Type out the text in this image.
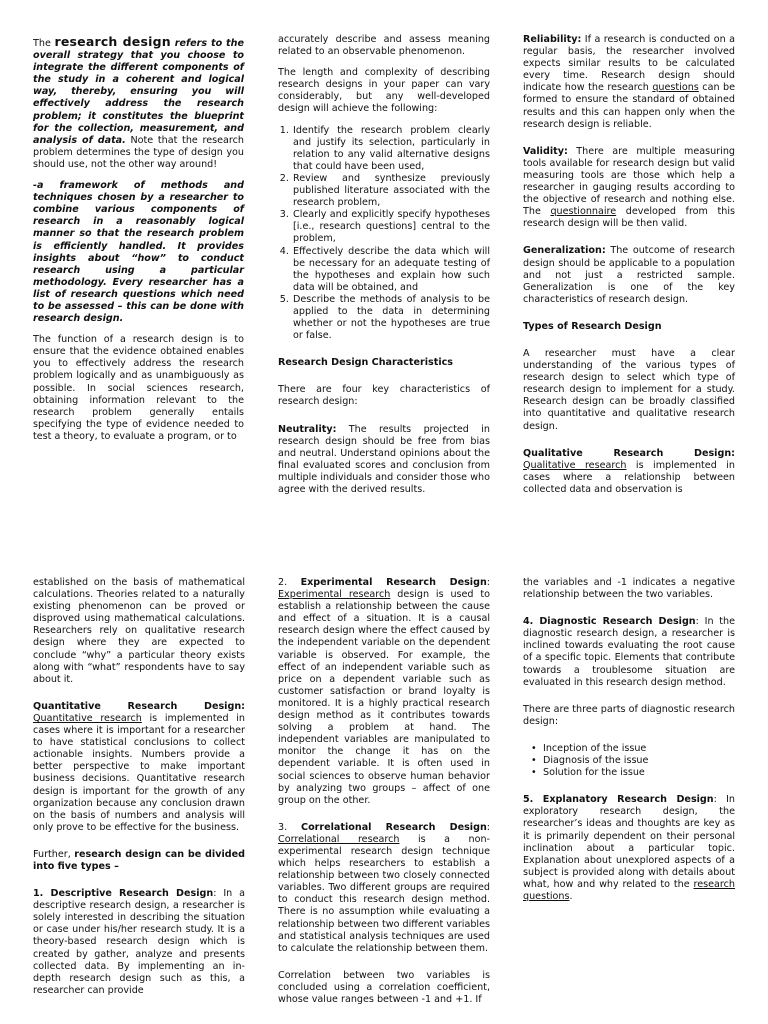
The research design refers to the overall strategy that you choose to integrate the different components of the study in a coherent and logical way, thereby, ensuring you will effectively address the research problem; it constitutes the blueprint for the collection, measurement, and analysis of data. Note that the research problem determines the type of design you should use, not the other way around!

-a framework of methods and techniques chosen by a researcher to combine various components of research in a reasonably logical manner so that the research problem is efficiently handled. It provides insights about “how” to conduct research using a particular methodology. Every researcher has a list of research questions which need to be assessed – this can be done with research design.

The function of a research design is to ensure that the evidence obtained enables you to effectively address the research problem logically and as unambiguously as possible. In social sciences research, obtaining information relevant to the research problem generally entails specifying the type of evidence needed to test a theory, to evaluate a program, or to

accurately describe and assess meaning related to an observable phenomenon.

The length and complexity of describing research designs in your paper can vary considerably, but any well-developed design will achieve the following:

1. Identify the research problem clearly and justify its selection, particularly in relation to any valid alternative designs that could have been used,
2. Review and synthesize previously published literature associated with the research problem,
3. Clearly and explicitly specify hypotheses [i.e., research questions] central to the problem,
4. Effectively describe the data which will be necessary for an adequate testing of the hypotheses and explain how such data will be obtained, and
5. Describe the methods of analysis to be applied to the data in determining whether or not the hypotheses are true or false.

Research Design Characteristics

There are four key characteristics of research design:

Neutrality: The results projected in research design should be free from bias and neutral. Understand opinions about the final evaluated scores and conclusion from multiple individuals and consider those who agree with the derived results.

Reliability: If a research is conducted on a regular basis, the researcher involved expects similar results to be calculated every time. Research design should indicate how the research questions can be formed to ensure the standard of obtained results and this can happen only when the research design is reliable.

Validity: There are multiple measuring tools available for research design but valid measuring tools are those which help a researcher in gauging results according to the objective of research and nothing else. The questionnaire developed from this research design will be then valid.

Generalization: The outcome of research design should be applicable to a population and not just a restricted sample. Generalization is one of the key characteristics of research design.

Types of Research Design

A researcher must have a clear understanding of the various types of research design to select which type of research design to implement for a study. Research design can be broadly classified into quantitative and qualitative research design.

Qualitative Research Design: Qualitative research is implemented in cases where a relationship between collected data and observation is

established on the basis of mathematical calculations. Theories related to a naturally existing phenomenon can be proved or disproved using mathematical calculations. Researchers rely on qualitative research design where they are expected to conclude “why” a particular theory exists along with “what” respondents have to say about it.

Quantitative Research Design: Quantitative research is implemented in cases where it is important for a researcher to have statistical conclusions to collect actionable insights. Numbers provide a better perspective to make important business decisions. Quantitative research design is important for the growth of any organization because any conclusion drawn on the basis of numbers and analysis will only prove to be effective for the business.

Further, research design can be divided into five types –

1. Descriptive Research Design: In a descriptive research design, a researcher is solely interested in describing the situation or case under his/her research study. It is a theory-based research design which is created by gather, analyze and presents collected data. By implementing an in-depth research design such as this, a researcher can provide

2. Experimental Research Design: Experimental research design is used to establish a relationship between the cause and effect of a situation. It is a causal research design where the effect caused by the independent variable on the dependent variable is observed. For example, the effect of an independent variable such as price on a dependent variable such as customer satisfaction or brand loyalty is monitored. It is a highly practical research design method as it contributes towards solving a problem at hand. The independent variables are manipulated to monitor the change it has on the dependent variable. It is often used in social sciences to observe human behavior by analyzing two groups – affect of one group on the other.

3. Correlational Research Design: Correlational research is a non-experimental research design technique which helps researchers to establish a relationship between two closely connected variables. Two different groups are required to conduct this research design method. There is no assumption while evaluating a relationship between two different variables and statistical analysis techniques are used to calculate the relationship between them.

Correlation between two variables is concluded using a correlation coefficient, whose value ranges between -1 and +1. If

the variables and -1 indicates a negative relationship between the two variables.

4. Diagnostic Research Design: In the diagnostic research design, a researcher is inclined towards evaluating the root cause of a specific topic. Elements that contribute towards a troublesome situation are evaluated in this research design method.

There are three parts of diagnostic research design:

• Inception of the issue
• Diagnosis of the issue
• Solution for the issue

5. Explanatory Research Design: In exploratory research design, the researcher’s ideas and thoughts are key as it is primarily dependent on their personal inclination about a particular topic. Explanation about unexplored aspects of a subject is provided along with details about what, how and why related to the research questions.
